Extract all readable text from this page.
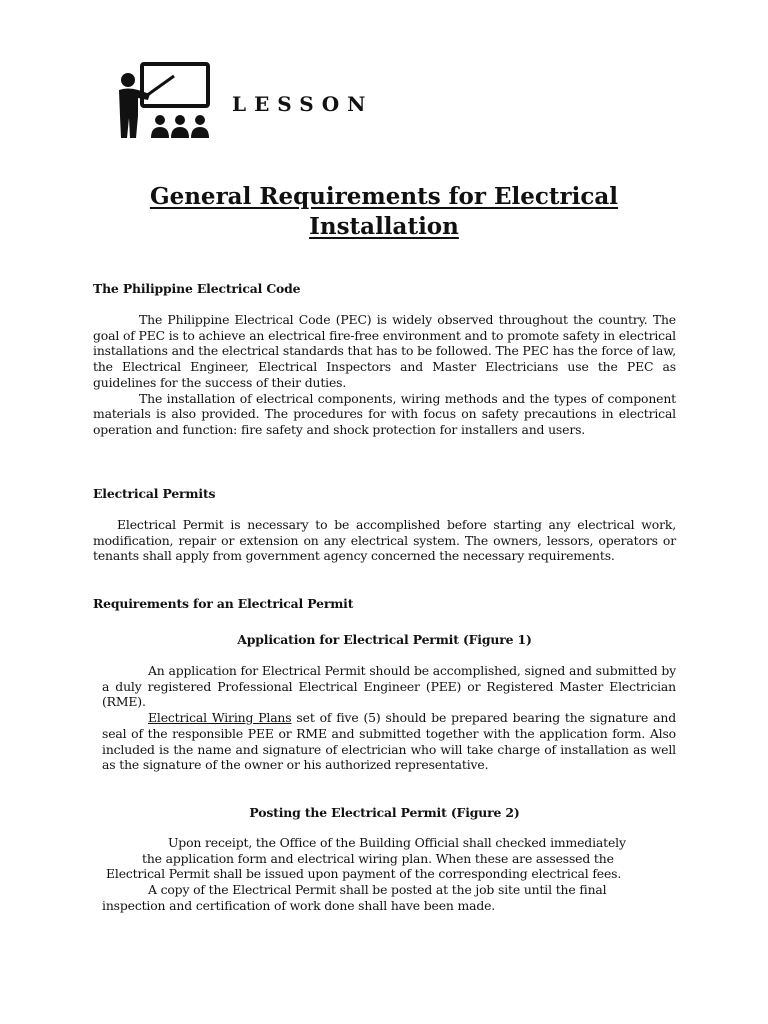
LESSON
General Requirements for Electrical
Installation
The Philippine Electrical Code

The Philippine Electrical Code (PEC) is widely observed throughout the country. The goal of PEC is to achieve an electrical fire-free environment and to promote safety in electrical installations and the electrical standards that has to be followed. The PEC has the force of law, the Electrical Engineer, Electrical Inspectors and Master Electricians use the PEC as guidelines for the success of their duties.

The installation of electrical components, wiring methods and the types of component materials is also provided. The procedures for with focus on safety precautions in electrical operation and function: fire safety and shock protection for installers and users.

Electrical Permits

Electrical Permit is necessary to be accomplished before starting any electrical work, modification, repair or extension on any electrical system. The owners, lessors, operators or tenants shall apply from government agency concerned the necessary requirements.

Requirements for an Electrical Permit
Application for Electrical Permit (Figure 1)

An application for Electrical Permit should be accomplished, signed and submitted by a duly registered Professional Electrical Engineer (PEE) or Registered Master Electrician (RME).

Electrical Wiring Plans set of five (5) should be prepared bearing the signature and seal of the responsible PEE or RME and submitted together with the application form. Also included is the name and signature of electrician who will take charge of installation as well as the signature of the owner or his authorized representative.

Posting the Electrical Permit (Figure 2)

Upon receipt, the Office of the Building Official shall checked immediately

the application form and electrical wiring plan. When these are assessed the

Electrical Permit shall be issued upon payment of the corresponding electrical fees.

A copy of the Electrical Permit shall be posted at the job site until the final

inspection and certification of work done shall have been made.
